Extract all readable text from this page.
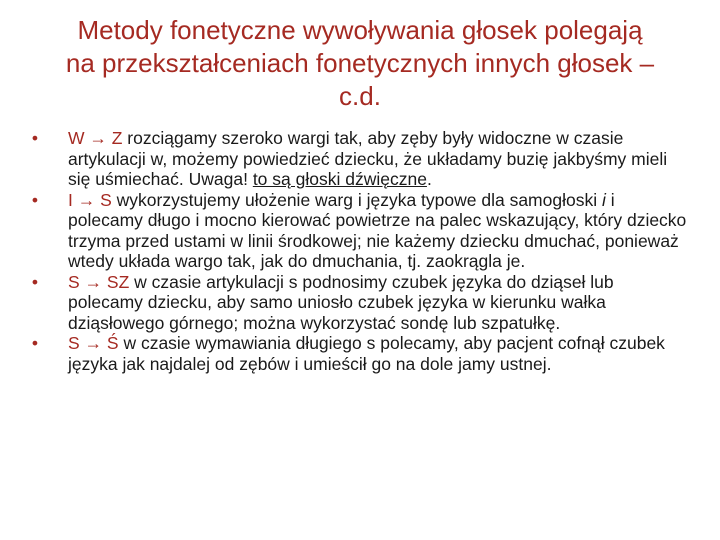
Metody fonetyczne wywoływania głosek polegają
na przekształceniach fonetycznych innych głosek –
c.d.
• W → Z rozciągamy szeroko wargi tak, aby zęby były widoczne w czasie artykulacji w, możemy powiedzieć dziecku, że układamy buzię jakbyśmy mieli się uśmiechać. Uwaga! to są głoski dźwięczne.
• I → S wykorzystujemy ułożenie warg i języka typowe dla samogłoski i i polecamy długo i mocno kierować powietrze na palec wskazujący, który dziecko trzyma przed ustami w linii środkowej; nie każemy dziecku dmuchać, ponieważ wtedy układa wargo tak, jak do dmuchania, tj. zaokrągla je.
• S → SZ w czasie artykulacji s podnosimy czubek języka do dziąseł lub polecamy dziecku, aby samo uniosło czubek języka w kierunku wałka dziąsłowego górnego; można wykorzystać sondę lub szpatułkę.
• S → Ś w czasie wymawiania długiego s polecamy, aby pacjent cofnął czubek języka jak najdalej od zębów i umieścił go na dole jamy ustnej.
